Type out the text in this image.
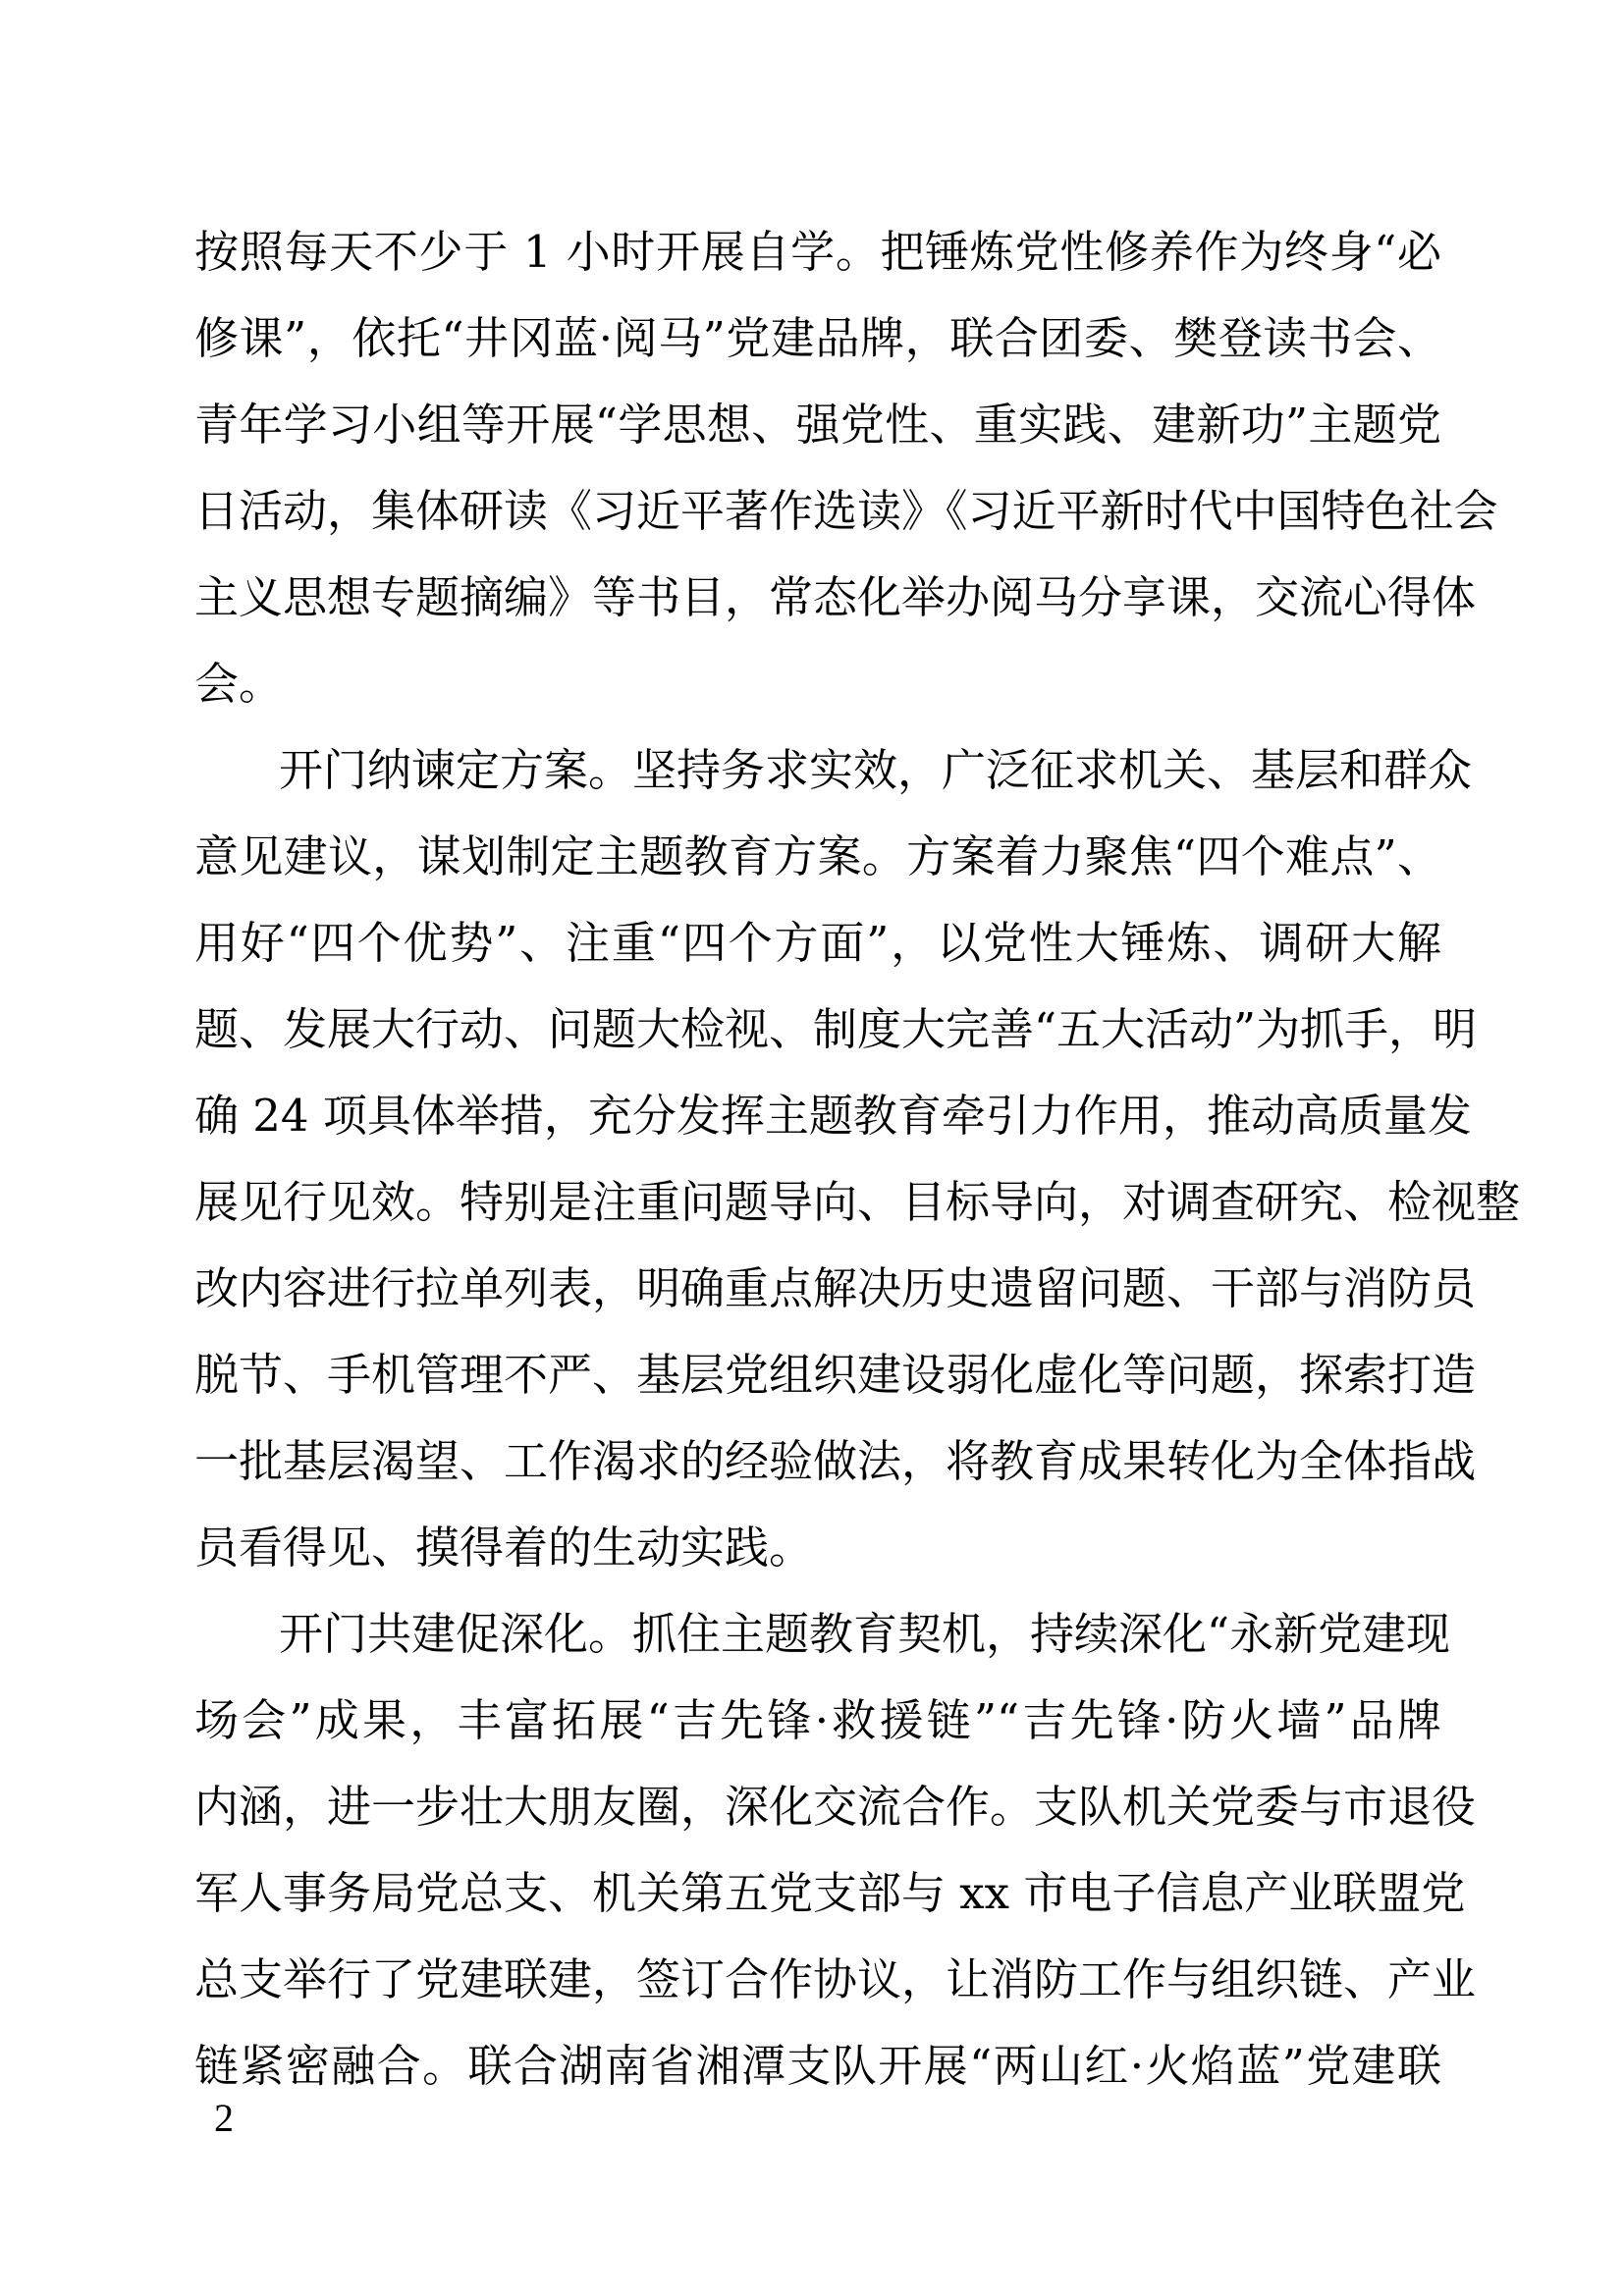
按照每天不少于 1 小时开展自学。把锤炼党性修养作为终身“必
修课”，依托“井冈蓝·阅马”党建品牌，联合团委、樊登读书会、
青年学习小组等开展“学思想、强党性、重实践、建新功”主题党
日活动，集体研读《习近平著作选读》《习近平新时代中国特色社会
主义思想专题摘编》等书目，常态化举办阅马分享课，交流心得体
会。
开门纳谏定方案。坚持务求实效，广泛征求机关、基层和群众
意见建议，谋划制定主题教育方案。方案着力聚焦“四个难点”、
用好“四个优势”、注重“四个方面”，以党性大锤炼、调研大解
题、发展大行动、问题大检视、制度大完善“五大活动”为抓手，明
确 24 项具体举措，充分发挥主题教育牵引力作用，推动高质量发
展见行见效。特别是注重问题导向、目标导向，对调查研究、检视整
改内容进行拉单列表，明确重点解决历史遗留问题、干部与消防员
脱节、手机管理不严、基层党组织建设弱化虚化等问题，探索打造
一批基层渴望、工作渴求的经验做法，将教育成果转化为全体指战
员看得见、摸得着的生动实践。
开门共建促深化。抓住主题教育契机，持续深化“永新党建现
场会”成果，丰富拓展“吉先锋·救援链”“吉先锋·防火墙”品牌
内涵，进一步壮大朋友圈，深化交流合作。支队机关党委与市退役
军人事务局党总支、机关第五党支部与 xx 市电子信息产业联盟党
总支举行了党建联建，签订合作协议，让消防工作与组织链、产业
链紧密融合。联合湖南省湘潭支队开展“两山红·火焰蓝”党建联
2
